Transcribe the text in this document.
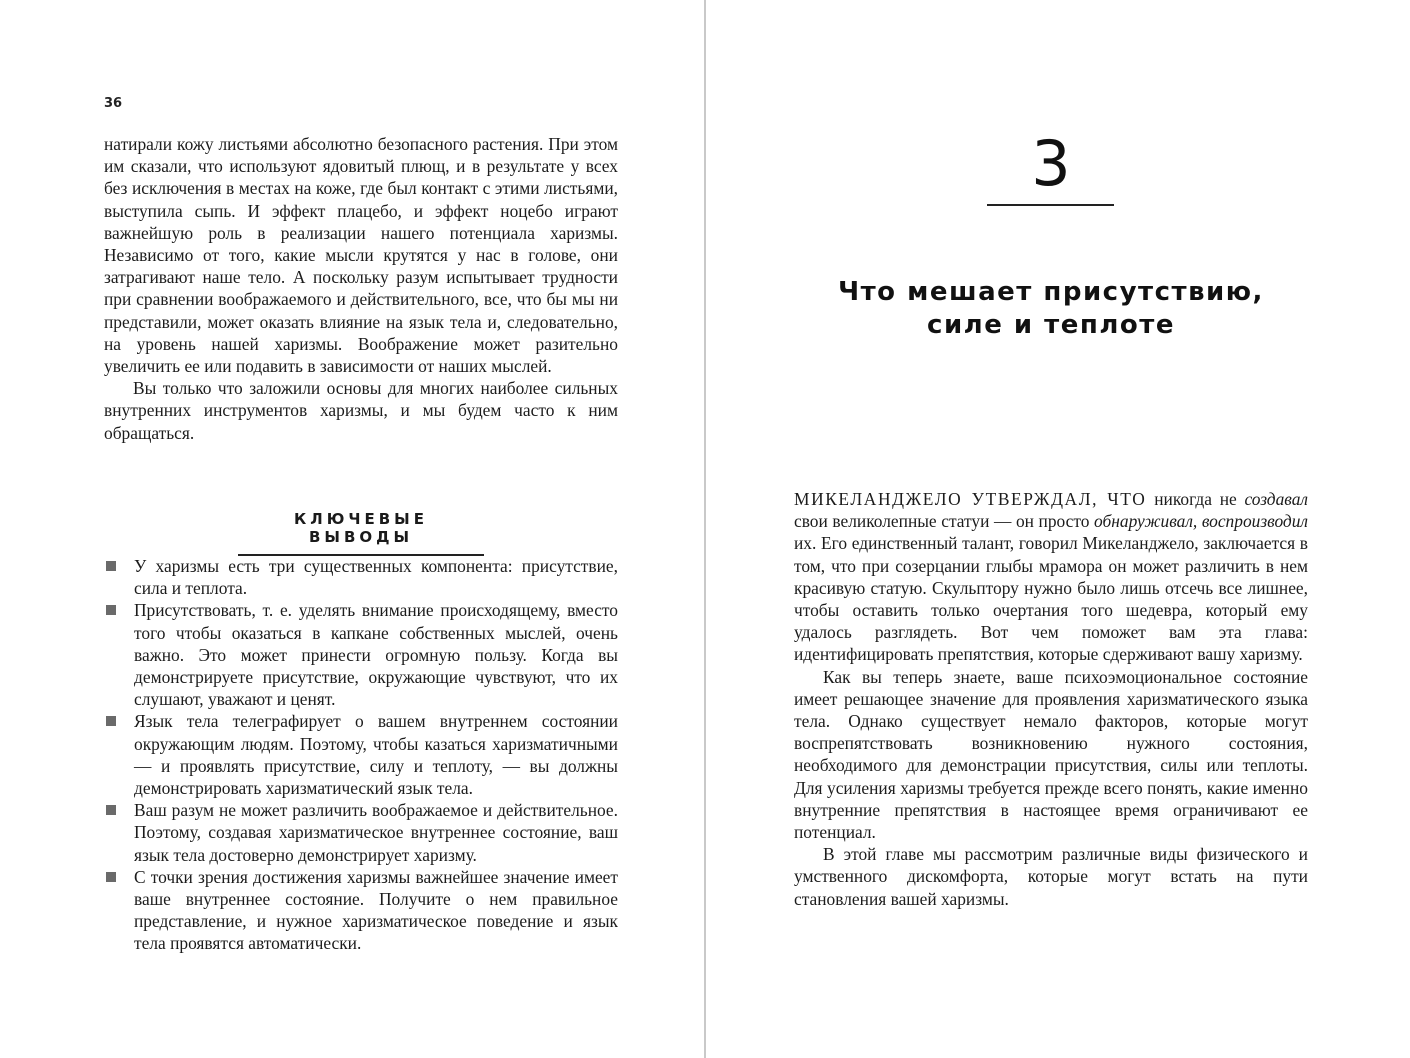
36

натирали кожу листьями абсолютно безопасного растения. При этом им сказали, что используют ядовитый плющ, и в результате у всех без исключения в местах на коже, где был контакт с этими листьями, выступила сыпь. И эффект плацебо, и эффект ноцебо играют важнейшую роль в реализации нашего потенциала харизмы. Независимо от того, какие мысли крутятся у нас в голове, они затрагивают наше тело. А поскольку разум испытывает трудности при сравнении воображаемого и действительного, все, что бы мы ни представили, может оказать влияние на язык тела и, следовательно, на уровень нашей харизмы. Воображение может разительно увеличить ее или подавить в зависимости от наших мыслей.

Вы только что заложили основы для многих наиболее сильных внутренних инструментов харизмы, и мы будем часто к ним обращаться.

КЛЮЧЕВЫЕ ВЫВОДЫ
У харизмы есть три существенных компонента: присутствие, сила и теплота.
Присутствовать, т. е. уделять внимание происходящему, вместо того чтобы оказаться в капкане собственных мыслей, очень важно. Это может принести огромную пользу. Когда вы демонстрируете присутствие, окружающие чувствуют, что их слушают, уважают и ценят.
Язык тела телеграфирует о вашем внутреннем состоянии окружающим людям. Поэтому, чтобы казаться харизматичными — и проявлять присутствие, силу и теплоту, — вы должны демонстрировать харизматический язык тела.
Ваш разум не может различить воображаемое и действительное. Поэтому, создавая харизматическое внутреннее состояние, ваш язык тела достоверно демонстрирует харизму.
С точки зрения достижения харизмы важнейшее значение имеет ваше внутреннее состояние. Получите о нем правильное представление, и нужное харизматическое поведение и язык тела проявятся автоматически.
3
Что мешает присутствию,
силе и теплоте

МИКЕЛАНДЖЕЛО УТВЕРЖДАЛ, ЧТО никогда не создавал свои великолепные статуи — он просто обнаруживал, воспроизводил их. Его единственный талант, говорил Микеланджело, заключается в том, что при созерцании глыбы мрамора он может различить в нем красивую статую. Скульптору нужно было лишь отсечь все лишнее, чтобы оставить только очертания того шедевра, который ему удалось разглядеть. Вот чем поможет вам эта глава: идентифицировать препятствия, которые сдерживают вашу харизму.

Как вы теперь знаете, ваше психоэмоциональное состояние имеет решающее значение для проявления харизматического языка тела. Однако существует немало факторов, которые могут воспрепятствовать возникновению нужного состояния, необходимого для демонстрации присутствия, силы или теплоты. Для усиления харизмы требуется прежде всего понять, какие именно внутренние препятствия в настоящее время ограничивают ее потенциал.

В этой главе мы рассмотрим различные виды физического и умственного дискомфорта, которые могут встать на пути становления вашей харизмы.
